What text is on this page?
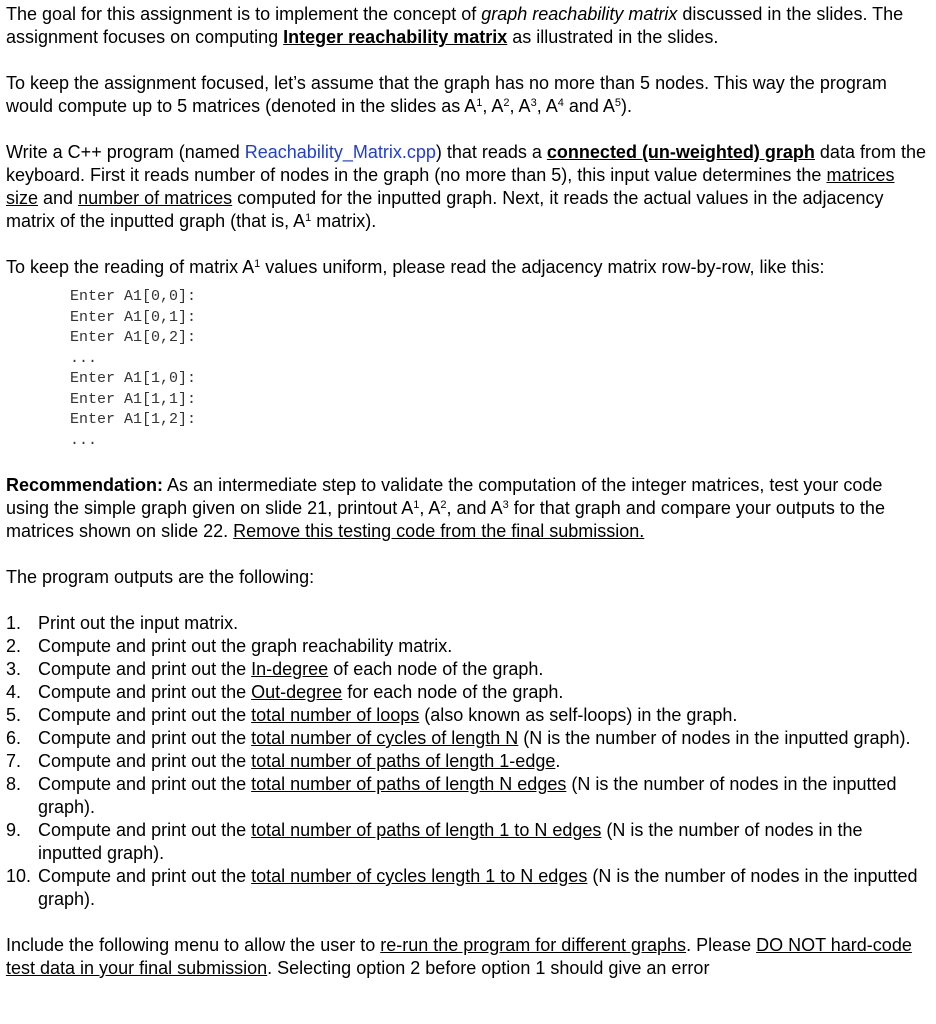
The goal for this assignment is to implement the concept of graph reachability matrix discussed in the slides. The assignment focuses on computing Integer reachability matrix as illustrated in the slides.

To keep the assignment focused, let’s assume that the graph has no more than 5 nodes. This way the program would compute up to 5 matrices (denoted in the slides as $A^1$, $A^2$, $A^3$, $A^4$ and $A^5$).

Write a C++ program (named Reachability_Matrix.cpp) that reads a connected (un-weighted) graph data from the keyboard. First it reads number of nodes in the graph (no more than 5), this input value determines the matrices size and number of matrices computed for the inputted graph. Next, it reads the actual values in the adjacency matrix of the inputted graph (that is, $A^1$ matrix).

To keep the reading of matrix $A^1$ values uniform, please read the adjacency matrix row-by-row, like this:

Enter A1[0,0]:
Enter A1[0,1]:
Enter A1[0,2]:
...
Enter A1[1,0]:
Enter A1[1,1]:
Enter A1[1,2]:
...

Recommendation: As an intermediate step to validate the computation of the integer matrices, test your code using the simple graph given on slide 21, printout $A^1$, $A^2$, and $A^3$ for that graph and compare your outputs to the matrices shown on slide 22. Remove this testing code from the final submission.

The program outputs are the following:

1. Print out the input matrix.
2. Compute and print out the graph reachability matrix.
3. Compute and print out the In-degree of each node of the graph.
4. Compute and print out the Out-degree for each node of the graph.
5. Compute and print out the total number of loops (also known as self-loops) in the graph.
6. Compute and print out the total number of cycles of length N (N is the number of nodes in the inputted graph).
7. Compute and print out the total number of paths of length 1-edge.
8. Compute and print out the total number of paths of length N edges (N is the number of nodes in the inputted graph).
9. Compute and print out the total number of paths of length 1 to N edges (N is the number of nodes in the inputted graph).
10. Compute and print out the total number of cycles length 1 to N edges (N is the number of nodes in the inputted graph).

Include the following menu to allow the user to re-run the program for different graphs. Please DO NOT hard-code test data in your final submission. Selecting option 2 before option 1 should give an error
